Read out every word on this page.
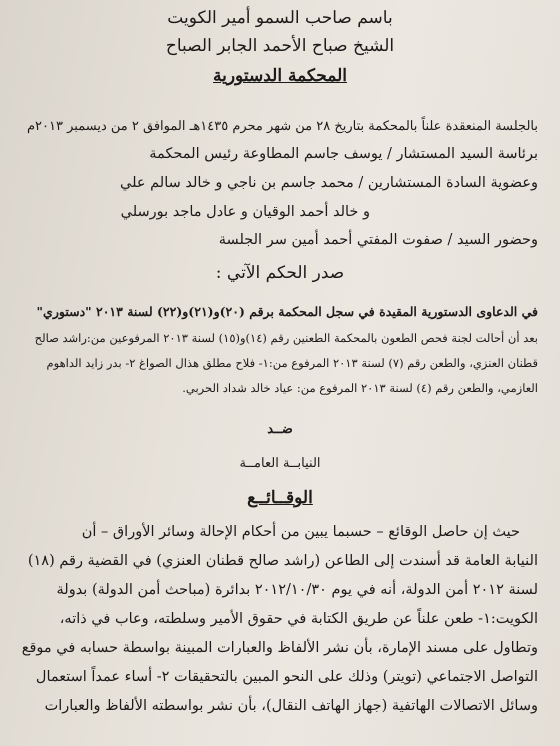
باسم صاحب السمو أمير الكويت
الشيخ صباح الأحمد الجابر الصباح
المحكمة الدستورية
بالجلسة المنعقدة علناً بالمحكمة بتاريخ ٢٨ من شهر محرم ١٤٣٥هـ الموافق ٢ من ديسمبر ٢٠١٣م
برئاسة السيد المستشار / يوسف جاسم المطاوعة رئيس المحكمة
وعضوية السادة المستشارين / محمد جاسم بن ناجي و خالد سالم علي
و خالد أحمد الوقيان و عادل ماجد بورسلي
وحضور السيد / صفوت المفتي أحمد أمين سر الجلسة
صدر الحكم الآتي :
في الدعاوى الدستورية المقيدة في سجل المحكمة برقم (٢٠)و(٢١)و(٢٢) لسنة ٢٠١٣ "دستوري"
بعد أن أحالت لجنة فحص الطعون بالمحكمة الطعنين رقم (١٤)و(١٥) لسنة ٢٠١٣ المرفوعين من:راشد صالح
قطنان العنزي، والطعن رقم (٧) لسنة ٢٠١٣ المرفوع من:١- فلاح مطلق هذال الصواغ ٢- بدر زايد الداهوم
العازمي، والطعن رقم (٤) لسنة ٢٠١٣ المرفوع من: عياد خالد شداد الحربي.
ضــد
النيابــة العامــة
الوقــائــع
حيث إن حاصل الوقائع – حسبما يبين من أحكام الإحالة وسائر الأوراق – أن
النيابة العامة قد أسندت إلى الطاعن (راشد صالح قطنان العنزي) في القضية رقم (١٨)
لسنة ٢٠١٢ أمن الدولة، أنه في يوم ٢٠١٢/١٠/٣٠ بدائرة (مباحث أمن الدولة) بدولة
الكويت:١- طعن علناً عن طريق الكتابة في حقوق الأمير وسلطته، وعاب في ذاته،
وتطاول على مسند الإمارة، بأن نشر الألفاظ والعبارات المبينة بواسطة حسابه في موقع
التواصل الاجتماعي (تويتر) وذلك على النحو المبين بالتحقيقات ٢- أساء عمداً استعمال
وسائل الاتصالات الهاتفية (جهاز الهاتف النقال)، بأن نشر بواسطته الألفاظ والعبارات
